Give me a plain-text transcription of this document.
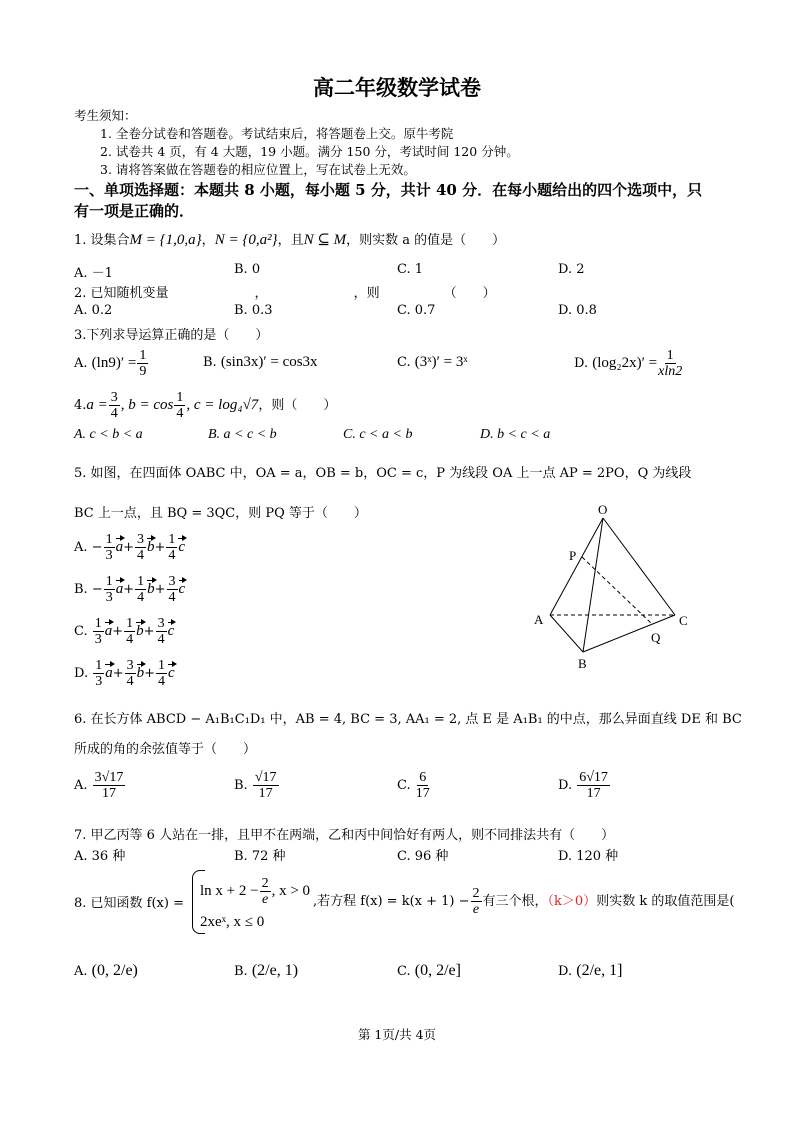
高二年级数学试卷
考生须知：
1. 全卷分试卷和答题卷。考试结束后，将答题卷上交。原牛考院
2. 试卷共 4 页，有 4 大题，19 小题。满分 150 分，考试时间 120 分钟。
3. 请将答案做在答题卷的相应位置上，写在试卷上无效。
一、单项选择题：本题共 8 小题，每小题 5 分，共计 40 分．在每小题给出的四个选项中，只
有一项是正确的．
1. 设集合M = {1,0,a}，N = {0,a²}，且N ⊆ M，则实数 a 的值是（　　）
A. －1	B. 0	C. 1	D. 2
2. 已知随机变量	，	，则	（　　）
A. 0.2	B. 0.3	C. 0.7	D. 0.8
3.下列求导运算正确的是（　　）
A. $(\ln 9)' = \frac{1}{9}$	B. (sin3x)′ = cos3x	C. (3ˣ)′ = 3ˣ	D. $(\log_22x)' = \frac{1}{xln2}$
$4.a = \frac{3}{4}$ , $b = \cos \frac{1}{4}$ , c = log₄√7，则（　　）
A. c < b < a	B. a < c < b	C. c < a < b	D. b < c < a
5. 如图，在四面体 OABC 中，OA = a，OB = b，OC = c，P 为线段 OA 上一点 AP = 2PO，Q 为线段
BC 上一点，且 BQ = 3QC，则 PQ 等于（　　）
A. − $\frac{1}{3} a+ \frac{3}{4} b+ \frac{1}{4}$ c
B. − $\frac{1}{3} a+ \frac{1}{4} b+ \frac{3}{4}$ c
C. $\frac{1}{3} a+ \frac{1}{4} b+ \frac{3}{4}$ c
D. $\frac{1}{3} a+ \frac{3}{4} b+ \frac{1}{4}$ c
O
P
A	C
Q
B
6. 在长方体 ABCD − A₁B₁C₁D₁ 中，AB = 4, BC = 3, AA₁ = 2, 点 E 是 A₁B₁ 的中点，那么异面直线 DE 和 BC
所成的角的余弦值等于（　　）
A. $\frac{3√17}{17}$	B. $\frac{√17}{17}$	C. $\frac{6}{17}$	D. $\frac{6√17}{17}$
7. 甲乙丙等 6 人站在一排，且甲不在两端，乙和丙中间恰好有两人，则不同排法共有（　　）
A. 36 种	B. 72 种	C. 96 种	D. 120 种
8. 已知函数 f(x) =
$\ln x + 2 - \frac{2}{e}$ , x > 0
2xeˣ, x ≤ 0
,若方程 $f(x) = k(x + 1) - \frac{2}{e}$ 有三个根，（k＞0）则实数 k 的取值范围是(
A. (0, 2/e)	B. (2/e, 1)	C. (0, 2/e]	D. (2/e, 1]
第 1页/共 4页
